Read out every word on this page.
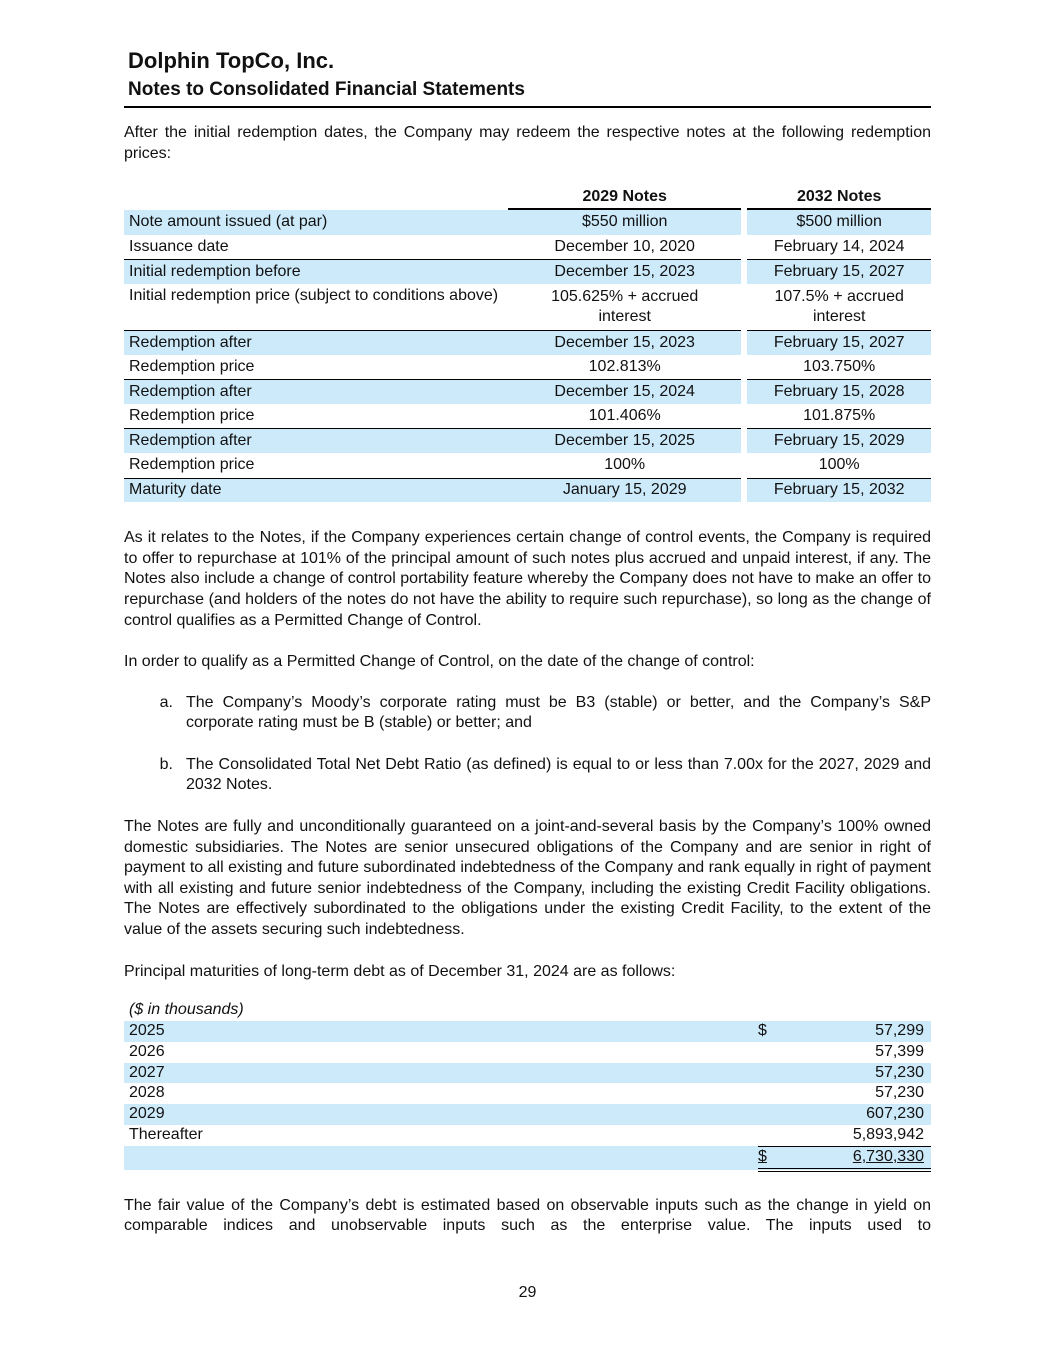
Dolphin TopCo, Inc.
Notes to Consolidated Financial Statements

After the initial redemption dates, the Company may redeem the respective notes at the following redemption prices:

	2029 Notes		2032 Notes
Note amount issued (at par)	$550 million		$500 million
Issuance date	December 10, 2020		February 14, 2024
Initial redemption before	December 15, 2023		February 15, 2027
Initial redemption price (subject to conditions above)	105.625% + accrued interest		107.5% + accrued interest
Redemption after	December 15, 2023		February 15, 2027
Redemption price	102.813%		103.750%
Redemption after	December 15, 2024		February 15, 2028
Redemption price	101.406%		101.875%
Redemption after	December 15, 2025		February 15, 2029
Redemption price	100%		100%
Maturity date	January 15, 2029		February 15, 2032

As it relates to the Notes, if the Company experiences certain change of control events, the Company is required to offer to repurchase at 101% of the principal amount of such notes plus accrued and unpaid interest, if any. The Notes also include a change of control portability feature whereby the Company does not have to make an offer to repurchase (and holders of the notes do not have the ability to require such repurchase), so long as the change of control qualifies as a Permitted Change of Control.

In order to qualify as a Permitted Change of Control, on the date of the change of control:

a. The Company’s Moody’s corporate rating must be B3 (stable) or better, and the Company’s S&P corporate rating must be B (stable) or better; and
b. The Consolidated Total Net Debt Ratio (as defined) is equal to or less than 7.00x for the 2027, 2029 and 2032 Notes.

The Notes are fully and unconditionally guaranteed on a joint-and-several basis by the Company’s 100% owned domestic subsidiaries. The Notes are senior unsecured obligations of the Company and are senior in right of payment to all existing and future subordinated indebtedness of the Company and rank equally in right of payment with all existing and future senior indebtedness of the Company, including the existing Credit Facility obligations. The Notes are effectively subordinated to the obligations under the existing Credit Facility, to the extent of the value of the assets securing such indebtedness.

Principal maturities of long-term debt as of December 31, 2024 are as follows:

($ in thousands)		
2025	$	57,299
2026		57,399
2027		57,230
2028		57,230
2029		607,230
Thereafter		5,893,942
	$	6,730,330

The fair value of the Company’s debt is estimated based on observable inputs such as the change in yield on comparable indices and unobservable inputs such as the enterprise value. The inputs used to

29
